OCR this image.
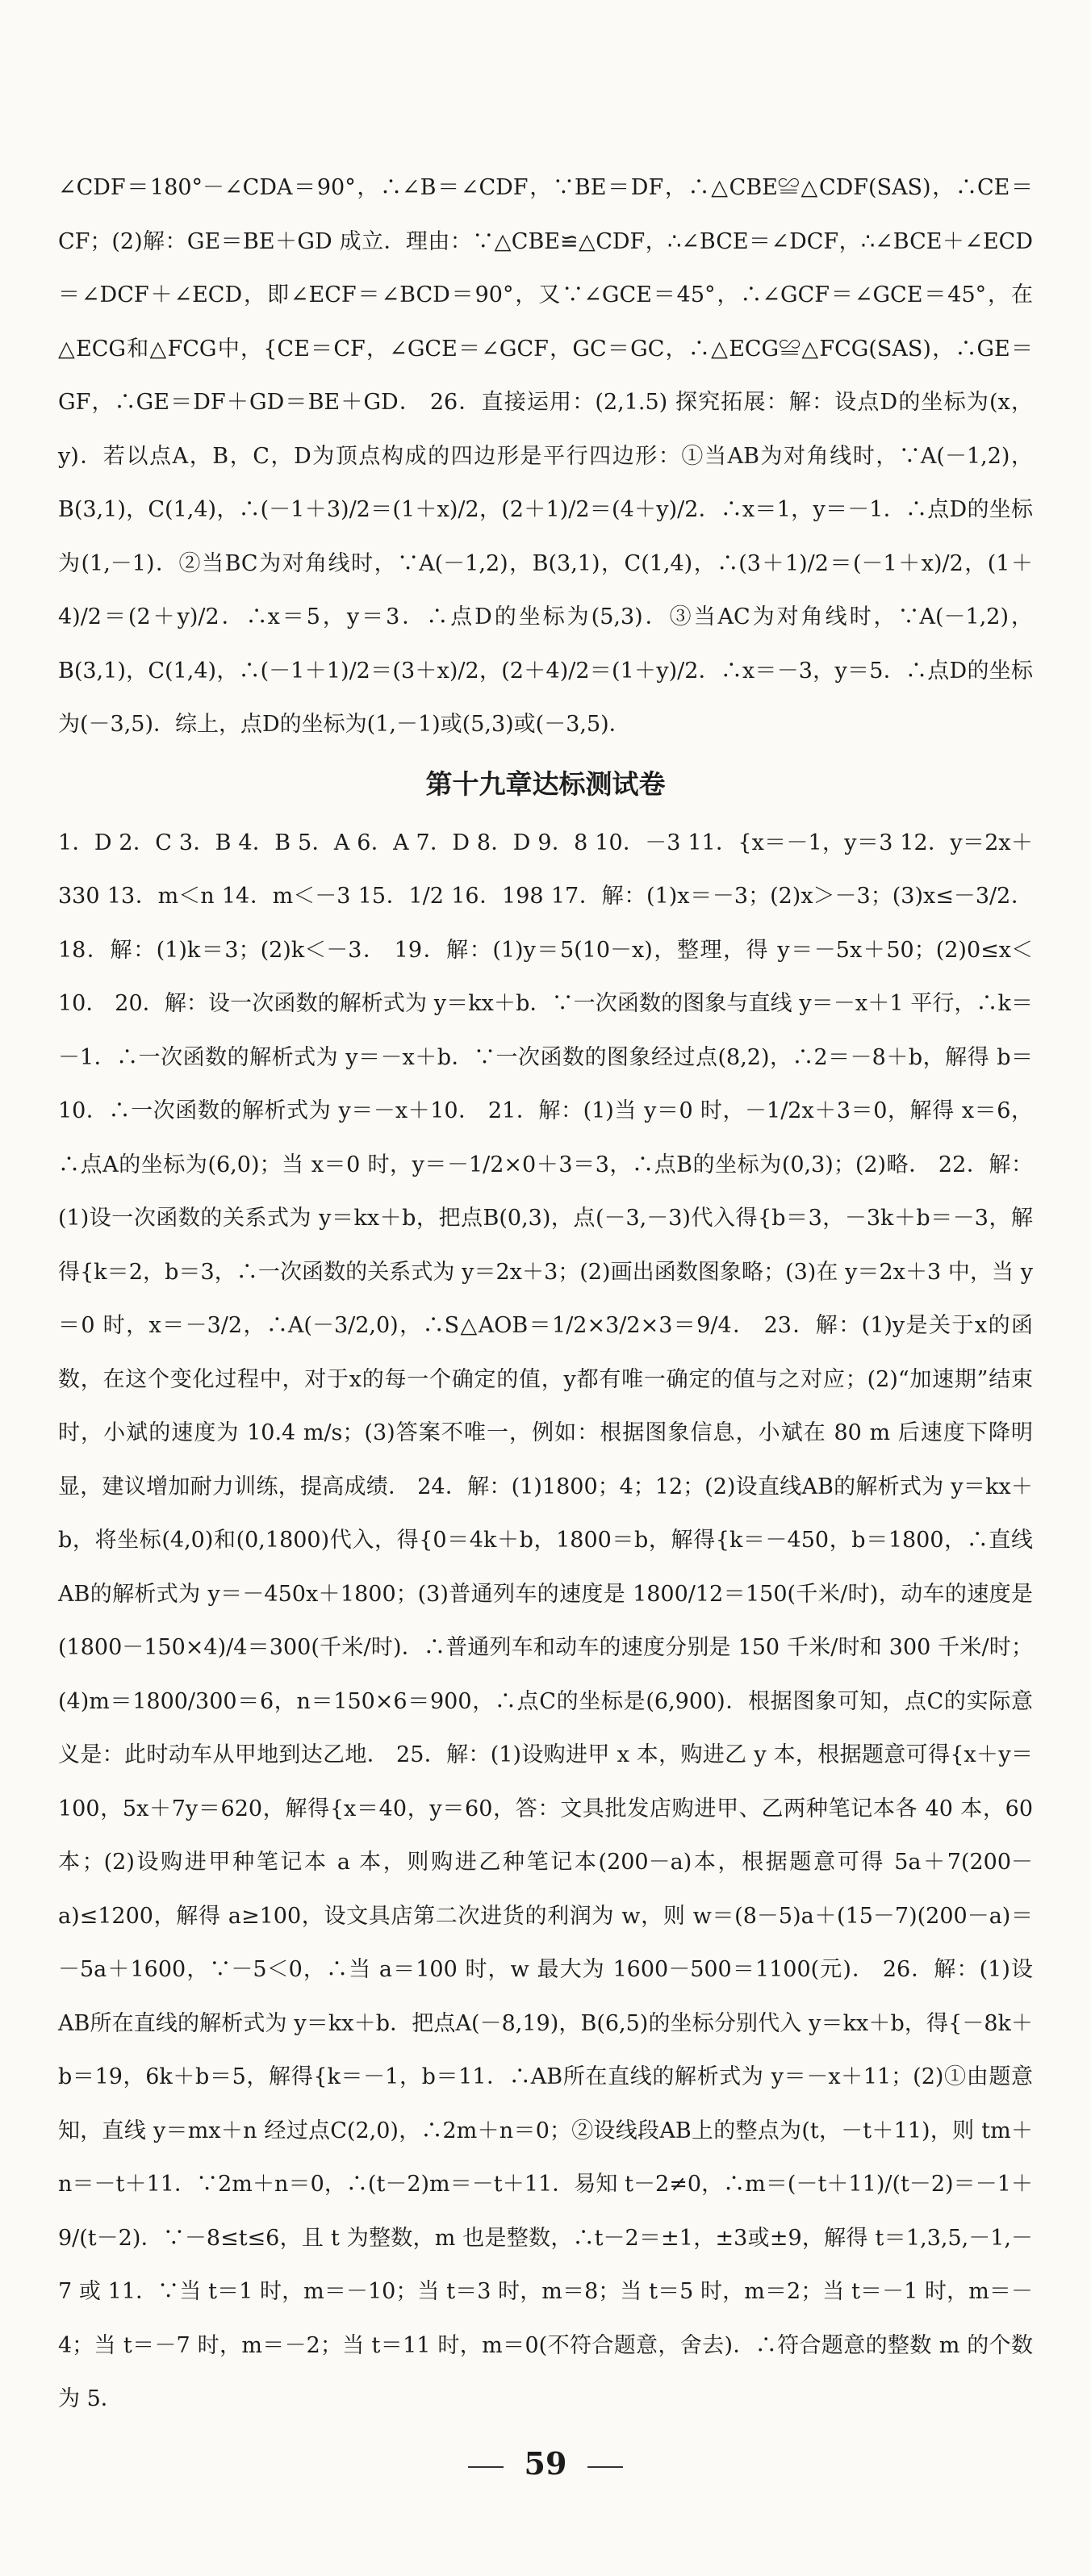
∠CDF＝180°－∠CDA＝90°，∴∠B＝∠CDF，∵BE＝DF，∴△CBE≌△CDF(SAS)，∴CE＝CF；(2)解：GE＝BE＋GD 成立．理由：∵△CBE≌△CDF，∴∠BCE＝∠DCF，∴∠BCE＋∠ECD＝∠DCF＋∠ECD，即∠ECF＝∠BCD＝90°，又∵∠GCE＝45°，∴∠GCF＝∠GCE＝45°，在△ECG和△FCG中，{CE＝CF，∠GCE＝∠GCF，GC＝GC，∴△ECG≌△FCG(SAS)，∴GE＝GF，∴GE＝DF＋GD＝BE＋GD． 26．直接运用：(2,1.5) 探究拓展：解：设点D的坐标为(x，y)．若以点A，B，C，D为顶点构成的四边形是平行四边形：①当AB为对角线时，∵A(－1,2)，B(3,1)，C(1,4)，∴(－1＋3)/2＝(1＋x)/2，(2＋1)/2＝(4＋y)/2．∴x＝1，y＝－1．∴点D的坐标为(1,－1)．②当BC为对角线时，∵A(－1,2)，B(3,1)，C(1,4)，∴(3＋1)/2＝(－1＋x)/2，(1＋4)/2＝(2＋y)/2．∴x＝5，y＝3．∴点D的坐标为(5,3)．③当AC为对角线时，∵A(－1,2)，B(3,1)，C(1,4)，∴(－1＋1)/2＝(3＋x)/2，(2＋4)/2＝(1＋y)/2．∴x＝－3，y＝5．∴点D的坐标为(－3,5)．综上，点D的坐标为(1,－1)或(5,3)或(－3,5)．

第十九章达标测试卷

1．D 2．C 3．B 4．B 5．A 6．A 7．D 8．D 9．8 10．－3 11．{x＝－1，y＝3 12．y＝2x＋330 13．m＜n 14．m＜－3 15．1/2 16．198 17．解：(1)x＝－3；(2)x＞－3；(3)x≤－3/2． 18．解：(1)k＝3；(2)k＜－3． 19．解：(1)y＝5(10－x)，整理，得 y＝－5x＋50；(2)0≤x＜10． 20．解：设一次函数的解析式为 y＝kx＋b．∵一次函数的图象与直线 y＝－x＋1 平行，∴k＝－1．∴一次函数的解析式为 y＝－x＋b．∵一次函数的图象经过点(8,2)，∴2＝－8＋b，解得 b＝10．∴一次函数的解析式为 y＝－x＋10． 21．解：(1)当 y＝0 时，－1/2x＋3＝0，解得 x＝6，∴点A的坐标为(6,0)；当 x＝0 时，y＝－1/2×0＋3＝3，∴点B的坐标为(0,3)；(2)略． 22．解：(1)设一次函数的关系式为 y＝kx＋b，把点B(0,3)，点(－3,－3)代入得{b＝3，－3k＋b＝－3，解得{k＝2，b＝3，∴一次函数的关系式为 y＝2x＋3；(2)画出函数图象略；(3)在 y＝2x＋3 中，当 y＝0 时，x＝－3/2，∴A(－3/2,0)，∴S△AOB＝1/2×3/2×3＝9/4． 23．解：(1)y是关于x的函数，在这个变化过程中，对于x的每一个确定的值，y都有唯一确定的值与之对应；(2)“加速期”结束时，小斌的速度为 10.4 m/s；(3)答案不唯一，例如：根据图象信息，小斌在 80 m 后速度下降明显，建议增加耐力训练，提高成绩． 24．解：(1)1800；4；12；(2)设直线AB的解析式为 y＝kx＋b，将坐标(4,0)和(0,1800)代入，得{0＝4k＋b，1800＝b，解得{k＝－450，b＝1800，∴直线AB的解析式为 y＝－450x＋1800；(3)普通列车的速度是 1800/12＝150(千米/时)，动车的速度是 (1800－150×4)/4＝300(千米/时)．∴普通列车和动车的速度分别是 150 千米/时和 300 千米/时；(4)m＝1800/300＝6，n＝150×6＝900，∴点C的坐标是(6,900)．根据图象可知，点C的实际意义是：此时动车从甲地到达乙地． 25．解：(1)设购进甲 x 本，购进乙 y 本，根据题意可得{x＋y＝100，5x＋7y＝620，解得{x＝40，y＝60，答：文具批发店购进甲、乙两种笔记本各 40 本，60 本；(2)设购进甲种笔记本 a 本，则购进乙种笔记本(200－a)本，根据题意可得 5a＋7(200－a)≤1200，解得 a≥100，设文具店第二次进货的利润为 w，则 w＝(8－5)a＋(15－7)(200－a)＝－5a＋1600，∵－5＜0，∴当 a＝100 时，w 最大为 1600－500＝1100(元)． 26．解：(1)设AB所在直线的解析式为 y＝kx＋b．把点A(－8,19)，B(6,5)的坐标分别代入 y＝kx＋b，得{－8k＋b＝19，6k＋b＝5，解得{k＝－1，b＝11．∴AB所在直线的解析式为 y＝－x＋11；(2)①由题意知，直线 y＝mx＋n 经过点C(2,0)，∴2m＋n＝0；②设线段AB上的整点为(t，－t＋11)，则 tm＋n＝－t＋11．∵2m＋n＝0，∴(t－2)m＝－t＋11．易知 t－2≠0，∴m＝(－t＋11)/(t－2)＝－1＋9/(t－2)．∵－8≤t≤6，且 t 为整数，m 也是整数，∴t－2＝±1，±3或±9，解得 t＝1,3,5,－1,－7 或 11．∵当 t＝1 时，m＝－10；当 t＝3 时，m＝8；当 t＝5 时，m＝2；当 t＝－1 时，m＝－4；当 t＝－7 时，m＝－2；当 t＝11 时，m＝0(不符合题意，舍去)．∴符合题意的整数 m 的个数为 5．

59
